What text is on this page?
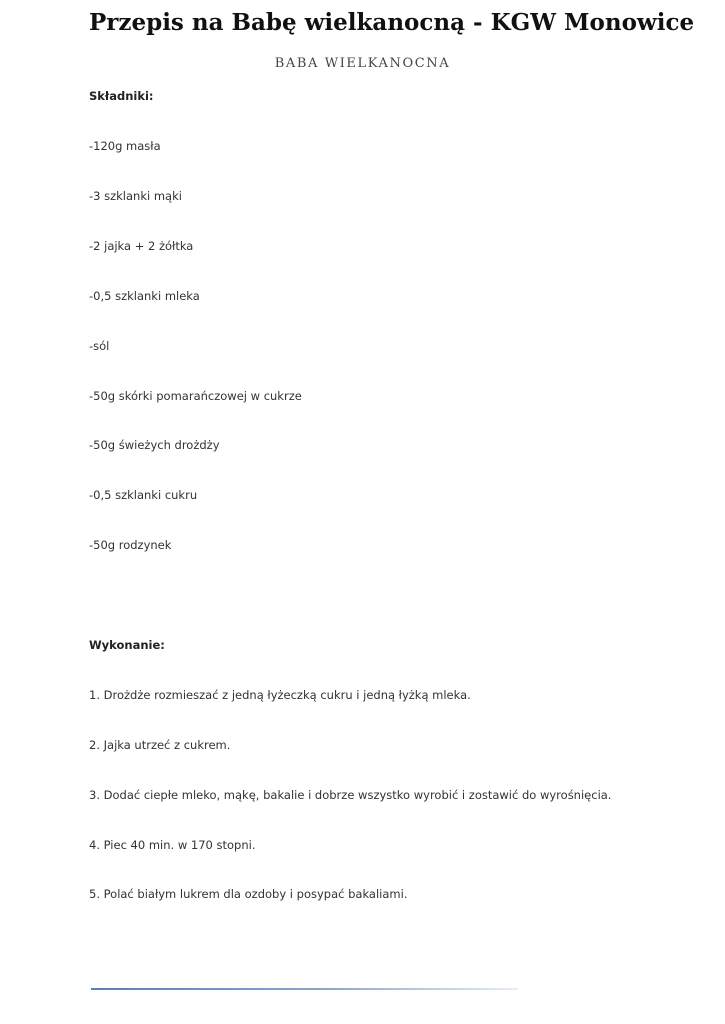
Przepis na Babę wielkanocną - KGW Monowice
BABA WIELKANOCNA
Składniki:
-120g masła
-3 szklanki mąki
-2 jajka + 2 żółtka
-0,5 szklanki mleka
-sól
-50g skórki pomarańczowej w cukrze
-50g świeżych drożdży
-0,5 szklanki cukru
-50g rodzynek
Wykonanie:
1. Drożdże rozmieszać z jedną łyżeczką cukru i jedną łyżką mleka.
2. Jajka utrzeć z cukrem.
3. Dodać ciepłe mleko, mąkę, bakalie i dobrze wszystko wyrobić i zostawić do wyrośnięcia.
4. Piec 40 min. w 170 stopni.
5. Polać białym lukrem dla ozdoby i posypać bakaliami.
